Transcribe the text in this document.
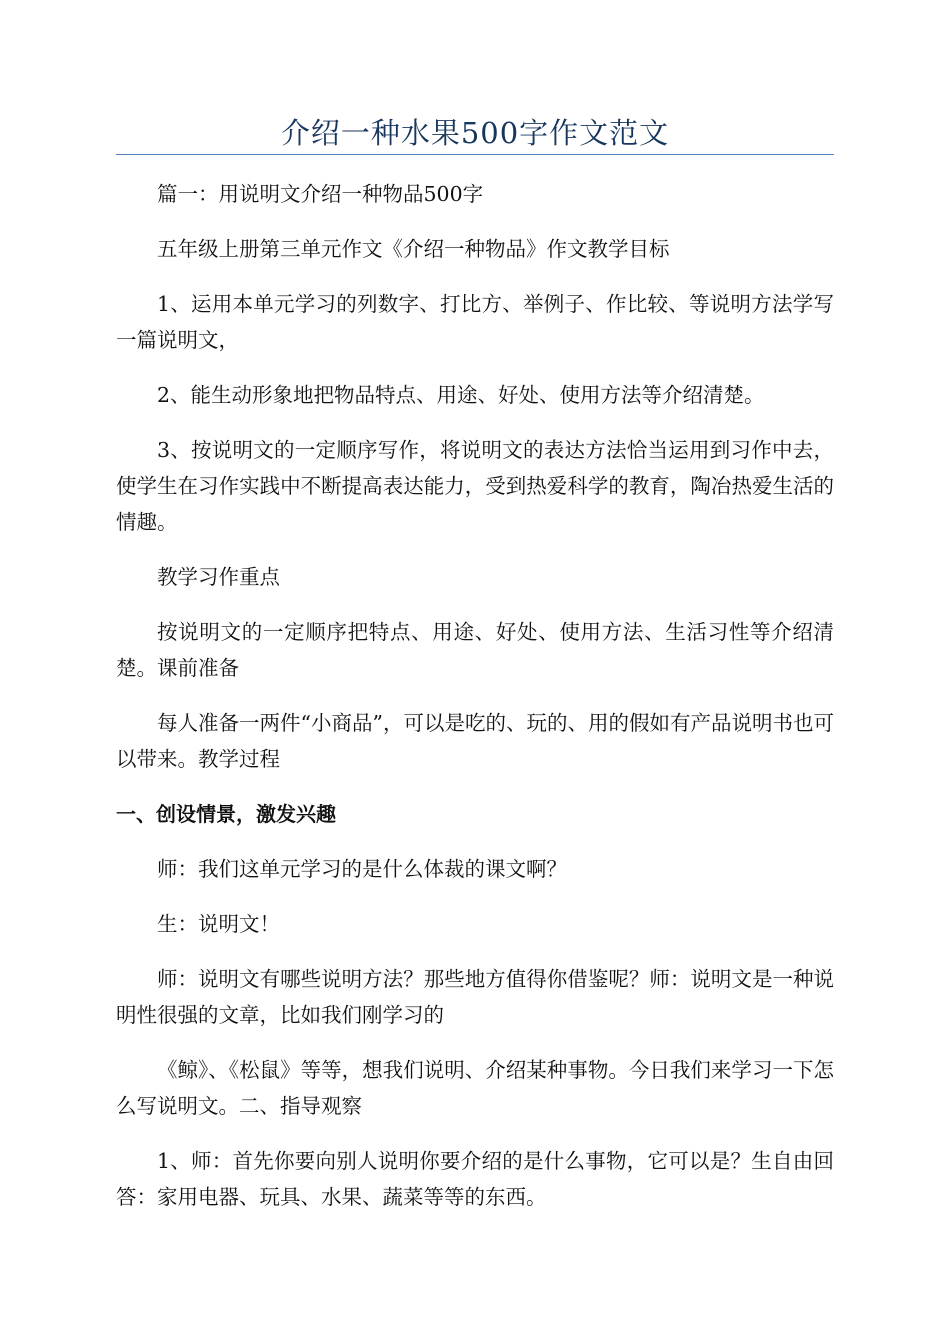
介绍一种水果500字作文范文

篇一：用说明文介绍一种物品500字

五年级上册第三单元作文《介绍一种物品》作文教学目标

1、运用本单元学习的列数字、打比方、举例子、作比较、等说明方法学写一篇说明文，

2、能生动形象地把物品特点、用途、好处、使用方法等介绍清楚。

3、按说明文的一定顺序写作，将说明文的表达方法恰当运用到习作中去，使学生在习作实践中不断提高表达能力，受到热爱科学的教育，陶冶热爱生活的情趣。

教学习作重点

按说明文的一定顺序把特点、用途、好处、使用方法、生活习性等介绍清楚。课前准备

每人准备一两件“小商品”，可以是吃的、玩的、用的假如有产品说明书也可以带来。教学过程

一、创设情景，激发兴趣

师：我们这单元学习的是什么体裁的课文啊？

生：说明文！

师：说明文有哪些说明方法？那些地方值得你借鉴呢？师：说明文是一种说明性很强的文章，比如我们刚学习的

《鲸》、《松鼠》等等，想我们说明、介绍某种事物。今日我们来学习一下怎么写说明文。二、指导观察

1、师：首先你要向别人说明你要介绍的是什么事物，它可以是？生自由回答：家用电器、玩具、水果、蔬菜等等的东西。
